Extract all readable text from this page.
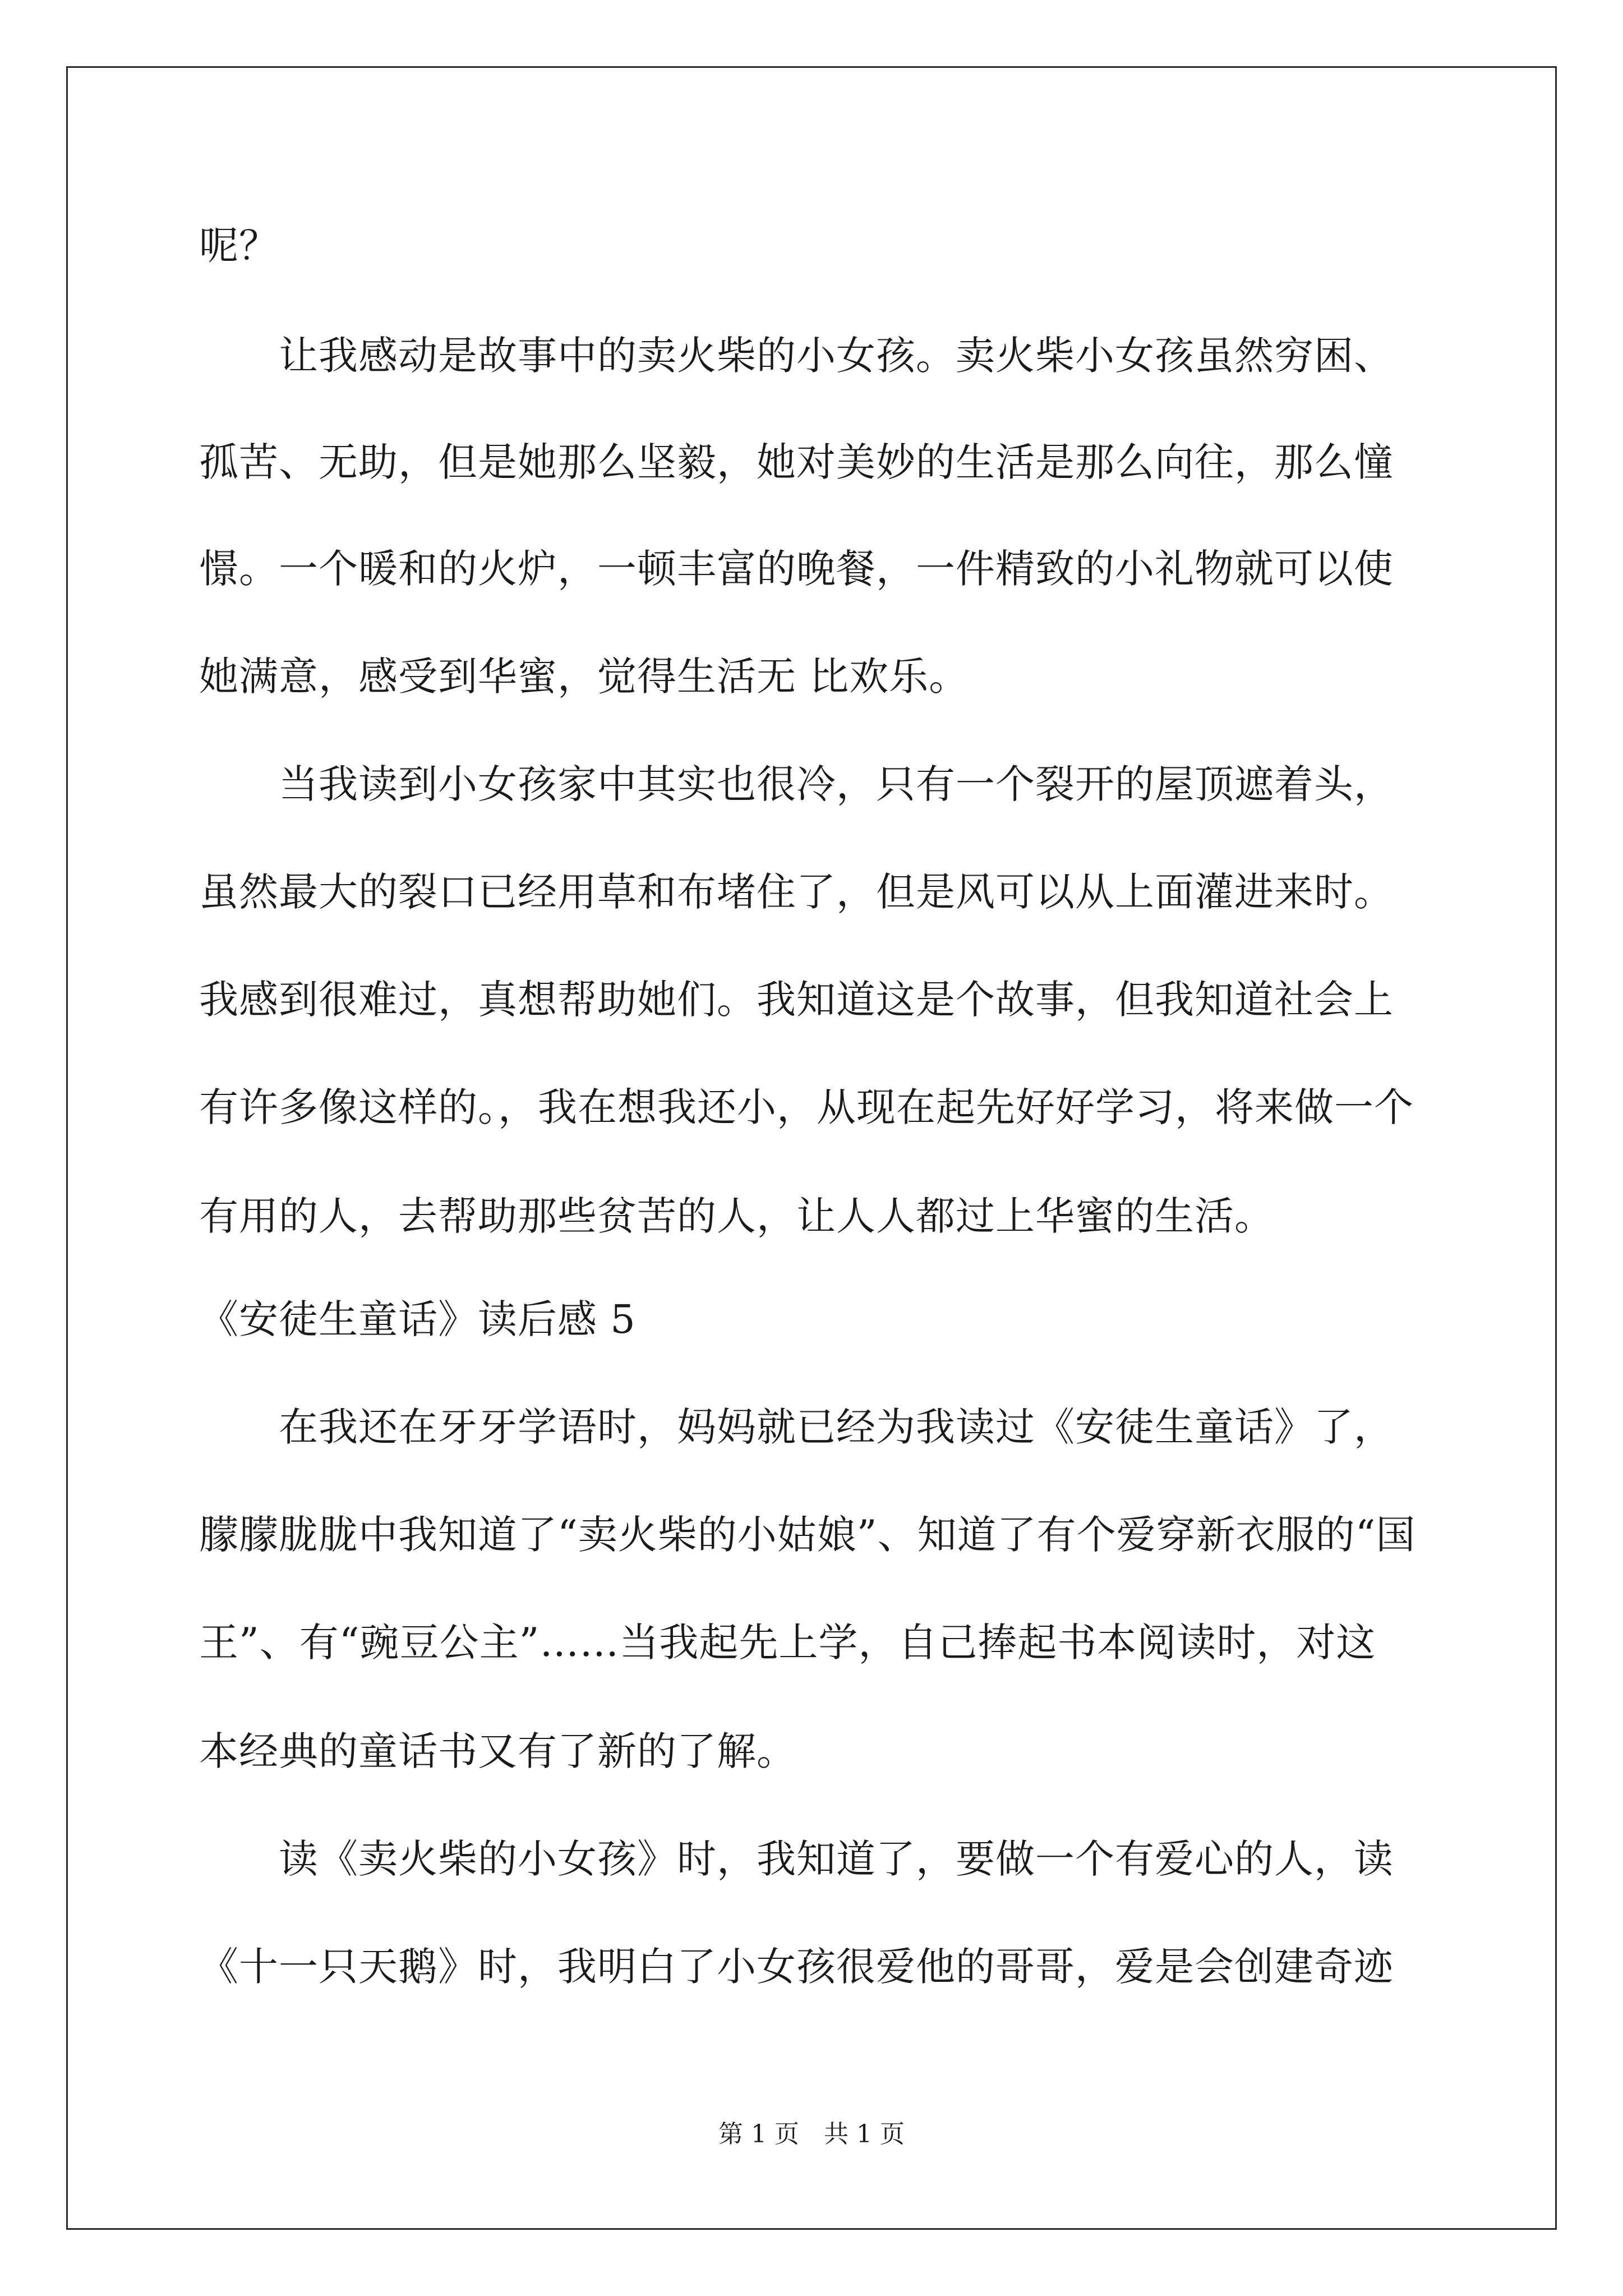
呢？
　　让我感动是故事中的卖火柴的小女孩。卖火柴小女孩虽然穷困、
孤苦、无助，但是她那么坚毅，她对美妙的生活是那么向往，那么憧
憬。一个暖和的火炉，一顿丰富的晚餐，一件精致的小礼物就可以使
她满意，感受到华蜜，觉得生活无 比欢乐。
　　当我读到小女孩家中其实也很冷，只有一个裂开的屋顶遮着头，
虽然最大的裂口已经用草和布堵住了，但是风可以从上面灌进来时。
我感到很难过，真想帮助她们。我知道这是个故事，但我知道社会上
有许多像这样的。，我在想我还小，从现在起先好好学习，将来做一个
有用的人，去帮助那些贫苦的人，让人人都过上华蜜的生活。
《安徒生童话》读后感 5
　　在我还在牙牙学语时，妈妈就已经为我读过《安徒生童话》了，
朦朦胧胧中我知道了“卖火柴的小姑娘”、知道了有个爱穿新衣服的“国
王”、有“豌豆公主”……当我起先上学，自己捧起书本阅读时，对这
本经典的童话书又有了新的了解。
　　读《卖火柴的小女孩》时，我知道了，要做一个有爱心的人，读
《十一只天鹅》时，我明白了小女孩很爱他的哥哥，爱是会创建奇迹
第 1 页　共 1 页
